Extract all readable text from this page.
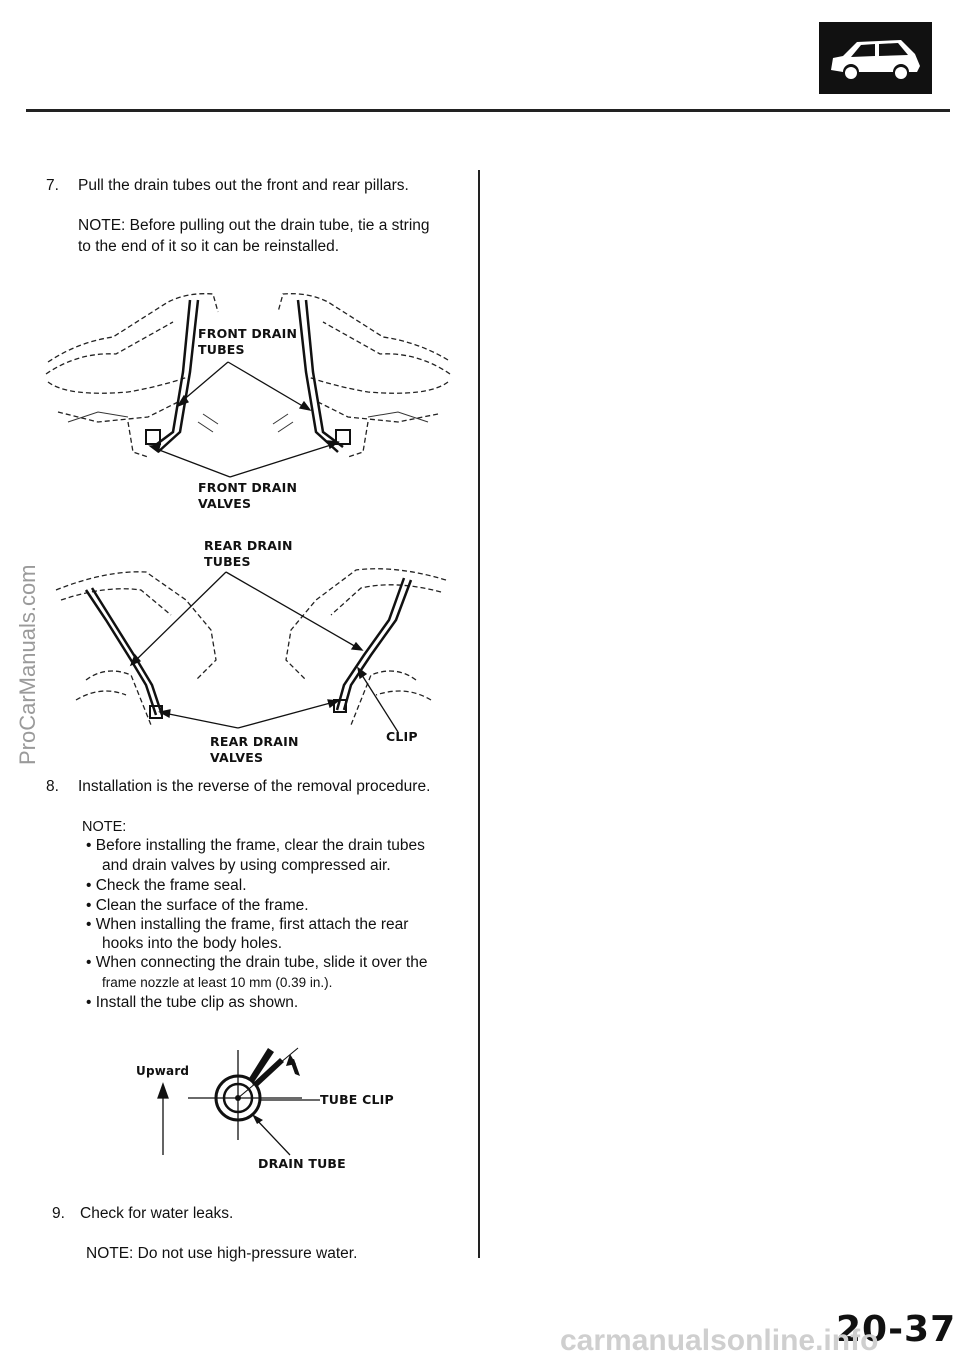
7. Pull the drain tubes out the front and rear pillars.
NOTE: Before pulling out the drain tube, tie a string
to the end of it so it can be reinstalled.
FRONT DRAIN
TUBES
FRONT DRAIN
VALVES
REAR DRAIN
TUBES
REAR DRAIN
VALVES
CLIP
8. Installation is the reverse of the removal procedure.
NOTE:
• Before installing the frame, clear the drain tubes
and drain valves by using compressed air.
• Check the frame seal.
• Clean the surface of the frame.
• When installing the frame, first attach the rear
hooks into the body holes.
• When connecting the drain tube, slide it over the
frame nozzle at least 10 mm (0.39 in.).
• Install the tube clip as shown.
Upward
TUBE CLIP
DRAIN TUBE
9. Check for water leaks.
NOTE: Do not use high-pressure water.
20-37
ProCarManuals.com
carmanualsonline.info
